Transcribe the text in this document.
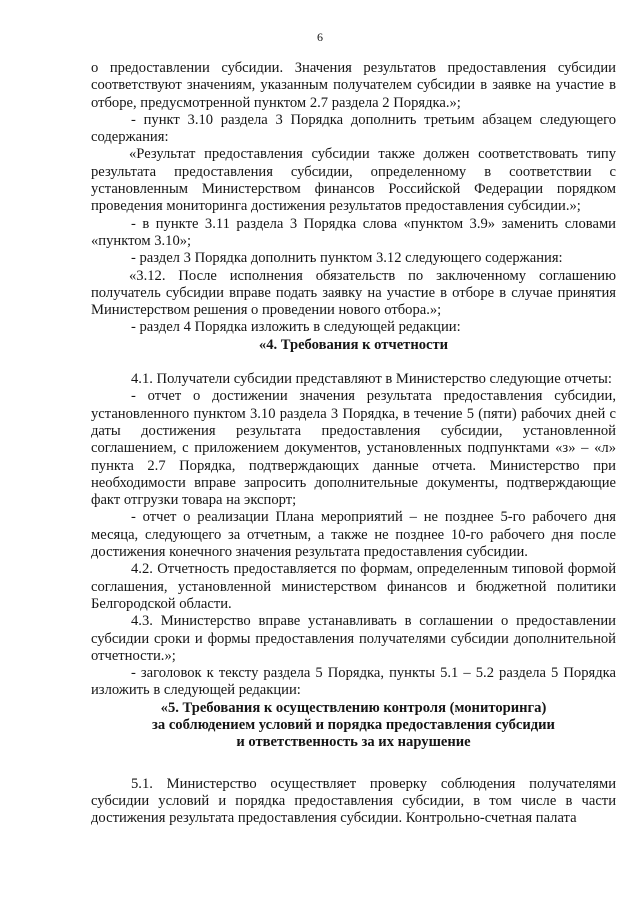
6

о предоставлении субсидии. Значения результатов предоставления субсидии соответствуют значениям, указанным получателем субсидии в заявке на участие в отборе, предусмотренной пунктом 2.7 раздела 2 Порядка.»;

- пункт 3.10 раздела 3 Порядка дополнить третьим абзацем следующего содержания:

«Результат предоставления субсидии также должен соответствовать типу результата предоставления субсидии, определенному в соответствии с установленным Министерством финансов Российской Федерации порядком проведения мониторинга достижения результатов предоставления субсидии.»;

- в пункте 3.11 раздела 3 Порядка слова «пунктом 3.9» заменить словами «пунктом 3.10»;

- раздел 3 Порядка дополнить пунктом 3.12 следующего содержания:

«3.12. После исполнения обязательств по заключенному соглашению получатель субсидии вправе подать заявку на участие в отборе в случае принятия Министерством решения о проведении нового отбора.»;

- раздел 4 Порядка изложить в следующей редакции:

«4. Требования к отчетности

4.1. Получатели субсидии представляют в Министерство следующие отчеты:

- отчет о достижении значения результата предоставления субсидии, установленного пунктом 3.10 раздела 3 Порядка, в течение 5 (пяти) рабочих дней с даты достижения результата предоставления субсидии, установленной соглашением, с приложением документов, установленных подпунктами «з» – «л» пункта 2.7 Порядка, подтверждающих данные отчета. Министерство при необходимости вправе запросить дополнительные документы, подтверждающие факт отгрузки товара на экспорт;

- отчет о реализации Плана мероприятий – не позднее 5-го рабочего дня месяца, следующего за отчетным, а также не позднее 10-го рабочего дня после достижения конечного значения результата предоставления субсидии.

4.2. Отчетность предоставляется по формам, определенным типовой формой соглашения, установленной министерством финансов и бюджетной политики Белгородской области.

4.3. Министерство вправе устанавливать в соглашении о предоставлении субсидии сроки и формы предоставления получателями субсидии дополнительной отчетности.»;

- заголовок к тексту раздела 5 Порядка, пункты 5.1 – 5.2 раздела 5 Порядка изложить в следующей редакции:

«5. Требования к осуществлению контроля (мониторинга)

за соблюдением условий и порядка предоставления субсидии

и ответственность за их нарушение

5.1. Министерство осуществляет проверку соблюдения получателями субсидии условий и порядка предоставления субсидии, в том числе в части достижения результата предоставления субсидии. Контрольно-счетная палата
